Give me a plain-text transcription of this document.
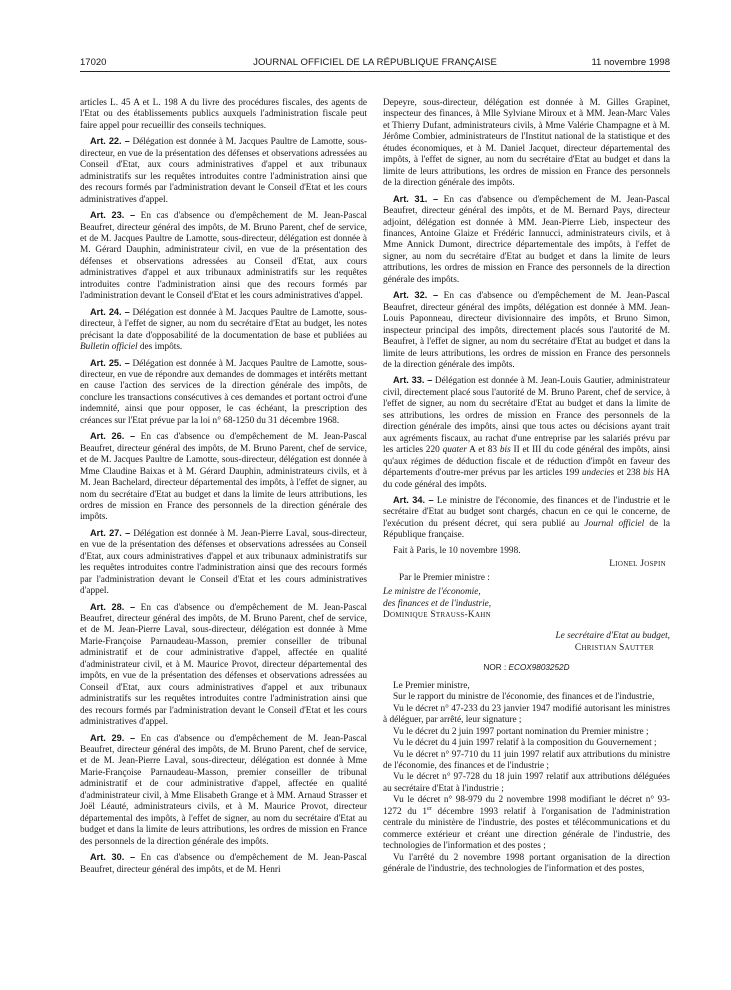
17020	JOURNAL OFFICIEL DE LA RÉPUBLIQUE FRANÇAISE	11 novembre 1998

articles L. 45 A et L. 198 A du livre des procédures fiscales, des agents de l'Etat ou des établissements publics auxquels l'administration fiscale peut faire appel pour recueillir des conseils techniques.

Art. 22. – Délégation est donnée à M. Jacques Paultre de Lamotte, sous-directeur, en vue de la présentation des défenses et observations adressées au Conseil d'Etat, aux cours administratives d'appel et aux tribunaux administratifs sur les requêtes introduites contre l'administration ainsi que des recours formés par l'administration devant le Conseil d'Etat et les cours administratives d'appel.

Art. 23. – En cas d'absence ou d'empêchement de M. Jean-Pascal Beaufret, directeur général des impôts, de M. Bruno Parent, chef de service, et de M. Jacques Paultre de Lamotte, sous-directeur, délégation est donnée à M. Gérard Dauphin, administrateur civil, en vue de la présentation des défenses et observations adressées au Conseil d'Etat, aux cours administratives d'appel et aux tribunaux administratifs sur les requêtes introduites contre l'administration ainsi que des recours formés par l'administration devant le Conseil d'Etat et les cours administratives d'appel.

Art. 24. – Délégation est donnée à M. Jacques Paultre de Lamotte, sous-directeur, à l'effet de signer, au nom du secrétaire d'Etat au budget, les notes précisant la date d'opposabilité de la documentation de base et publiées au Bulletin officiel des impôts.

Art. 25. – Délégation est donnée à M. Jacques Paultre de Lamotte, sous-directeur, en vue de répondre aux demandes de dommages et intérêts mettant en cause l'action des services de la direction générale des impôts, de conclure les transactions consécutives à ces demandes et portant octroi d'une indemnité, ainsi que pour opposer, le cas échéant, la prescription des créances sur l'Etat prévue par la loi n° 68-1250 du 31 décembre 1968.

Art. 26. – En cas d'absence ou d'empêchement de M. Jean-Pascal Beaufret, directeur général des impôts, de M. Bruno Parent, chef de service, et de M. Jacques Paultre de Lamotte, sous-directeur, délégation est donnée à Mme Claudine Baixas et à M. Gérard Dauphin, administrateurs civils, et à M. Jean Bachelard, directeur départemental des impôts, à l'effet de signer, au nom du secrétaire d'Etat au budget et dans la limite de leurs attributions, les ordres de mission en France des personnels de la direction générale des impôts.

Art. 27. – Délégation est donnée à M. Jean-Pierre Laval, sous-directeur, en vue de la présentation des défenses et observations adressées au Conseil d'Etat, aux cours administratives d'appel et aux tribunaux administratifs sur les requêtes introduites contre l'administration ainsi que des recours formés par l'administration devant le Conseil d'Etat et les cours administratives d'appel.

Art. 28. – En cas d'absence ou d'empêchement de M. Jean-Pascal Beaufret, directeur général des impôts, de M. Bruno Parent, chef de service, et de M. Jean-Pierre Laval, sous-directeur, délégation est donnée à Mme Marie-Françoise Parnaudeau-Masson, premier conseiller de tribunal administratif et de cour administrative d'appel, affectée en qualité d'administrateur civil, et à M. Maurice Provot, directeur départemental des impôts, en vue de la présentation des défenses et observations adressées au Conseil d'Etat, aux cours administratives d'appel et aux tribunaux administratifs sur les requêtes introduites contre l'administration ainsi que des recours formés par l'administration devant le Conseil d'Etat et les cours administratives d'appel.

Art. 29. – En cas d'absence ou d'empêchement de M. Jean-Pascal Beaufret, directeur général des impôts, de M. Bruno Parent, chef de service, et de M. Jean-Pierre Laval, sous-directeur, délégation est donnée à Mme Marie-Françoise Parnaudeau-Masson, premier conseiller de tribunal administratif et de cour administrative d'appel, affectée en qualité d'administrateur civil, à Mme Elisabeth Grange et à MM. Arnaud Strasser et Joël Léauté, administrateurs civils, et à M. Maurice Provot, directeur départemental des impôts, à l'effet de signer, au nom du secrétaire d'Etat au budget et dans la limite de leurs attributions, les ordres de mission en France des personnels de la direction générale des impôts.

Art. 30. – En cas d'absence ou d'empêchement de M. Jean-Pascal Beaufret, directeur général des impôts, et de M. Henri

Depeyre, sous-directeur, délégation est donnée à M. Gilles Grapinet, inspecteur des finances, à Mlle Sylviane Miroux et à MM. Jean-Marc Vales et Thierry Dufant, administrateurs civils, à Mme Valérie Champagne et à M. Jérôme Combier, administrateurs de l'Institut national de la statistique et des études économiques, et à M. Daniel Jacquet, directeur départemental des impôts, à l'effet de signer, au nom du secrétaire d'Etat au budget et dans la limite de leurs attributions, les ordres de mission en France des personnels de la direction générale des impôts.

Art. 31. – En cas d'absence ou d'empêchement de M. Jean-Pascal Beaufret, directeur général des impôts, et de M. Bernard Pays, directeur adjoint, délégation est donnée à MM. Jean-Pierre Lieb, inspecteur des finances, Antoine Glaize et Frédéric Iannucci, administrateurs civils, et à Mme Annick Dumont, directrice départementale des impôts, à l'effet de signer, au nom du secrétaire d'Etat au budget et dans la limite de leurs attributions, les ordres de mission en France des personnels de la direction générale des impôts.

Art. 32. – En cas d'absence ou d'empêchement de M. Jean-Pascal Beaufret, directeur général des impôts, délégation est donnée à MM. Jean-Louis Paponneau, directeur divisionnaire des impôts, et Bruno Simon, inspecteur principal des impôts, directement placés sous l'autorité de M. Beaufret, à l'effet de signer, au nom du secrétaire d'Etat au budget et dans la limite de leurs attributions, les ordres de mission en France des personnels de la direction générale des impôts.

Art. 33. – Délégation est donnée à M. Jean-Louis Gautier, administrateur civil, directement placé sous l'autorité de M. Bruno Parent, chef de service, à l'effet de signer, au nom du secrétaire d'Etat au budget et dans la limite de ses attributions, les ordres de mission en France des personnels de la direction générale des impôts, ainsi que tous actes ou décisions ayant trait aux agréments fiscaux, au rachat d'une entreprise par les salariés prévu par les articles 220 quater A et 83 bis II et III du code général des impôts, ainsi qu'aux régimes de déduction fiscale et de réduction d'impôt en faveur des départements d'outre-mer prévus par les articles 199 undecies et 238 bis HA du code général des impôts.

Art. 34. – Le ministre de l'économie, des finances et de l'industrie et le secrétaire d'Etat au budget sont chargés, chacun en ce qui le concerne, de l'exécution du présent décret, qui sera publié au Journal officiel de la République française.

Fait à Paris, le 10 novembre 1998.

Lionel Jospin

Par le Premier ministre :

Le ministre de l'économie,

des finances et de l'industrie,

Dominique Strauss-Kahn

Le secrétaire d'Etat au budget,

Christian Sautter

NOR : ECOX9803252D

Le Premier ministre,

Sur le rapport du ministre de l'économie, des finances et de l'industrie,

Vu le décret n° 47-233 du 23 janvier 1947 modifié autorisant les ministres à déléguer, par arrêté, leur signature ;

Vu le décret du 2 juin 1997 portant nomination du Premier ministre ;

Vu le décret du 4 juin 1997 relatif à la composition du Gouvernement ;

Vu le décret n° 97-710 du 11 juin 1997 relatif aux attributions du ministre de l'économie, des finances et de l'industrie ;

Vu le décret n° 97-728 du 18 juin 1997 relatif aux attributions déléguées au secrétaire d'Etat à l'industrie ;

Vu le décret n° 98-979 du 2 novembre 1998 modifiant le décret n° 93-1272 du 1er décembre 1993 relatif à l'organisation de l'administration centrale du ministère de l'industrie, des postes et télécommunications et du commerce extérieur et créant une direction générale de l'industrie, des technologies de l'information et des postes ;

Vu l'arrêté du 2 novembre 1998 portant organisation de la direction générale de l'industrie, des technologies de l'information et des postes,
